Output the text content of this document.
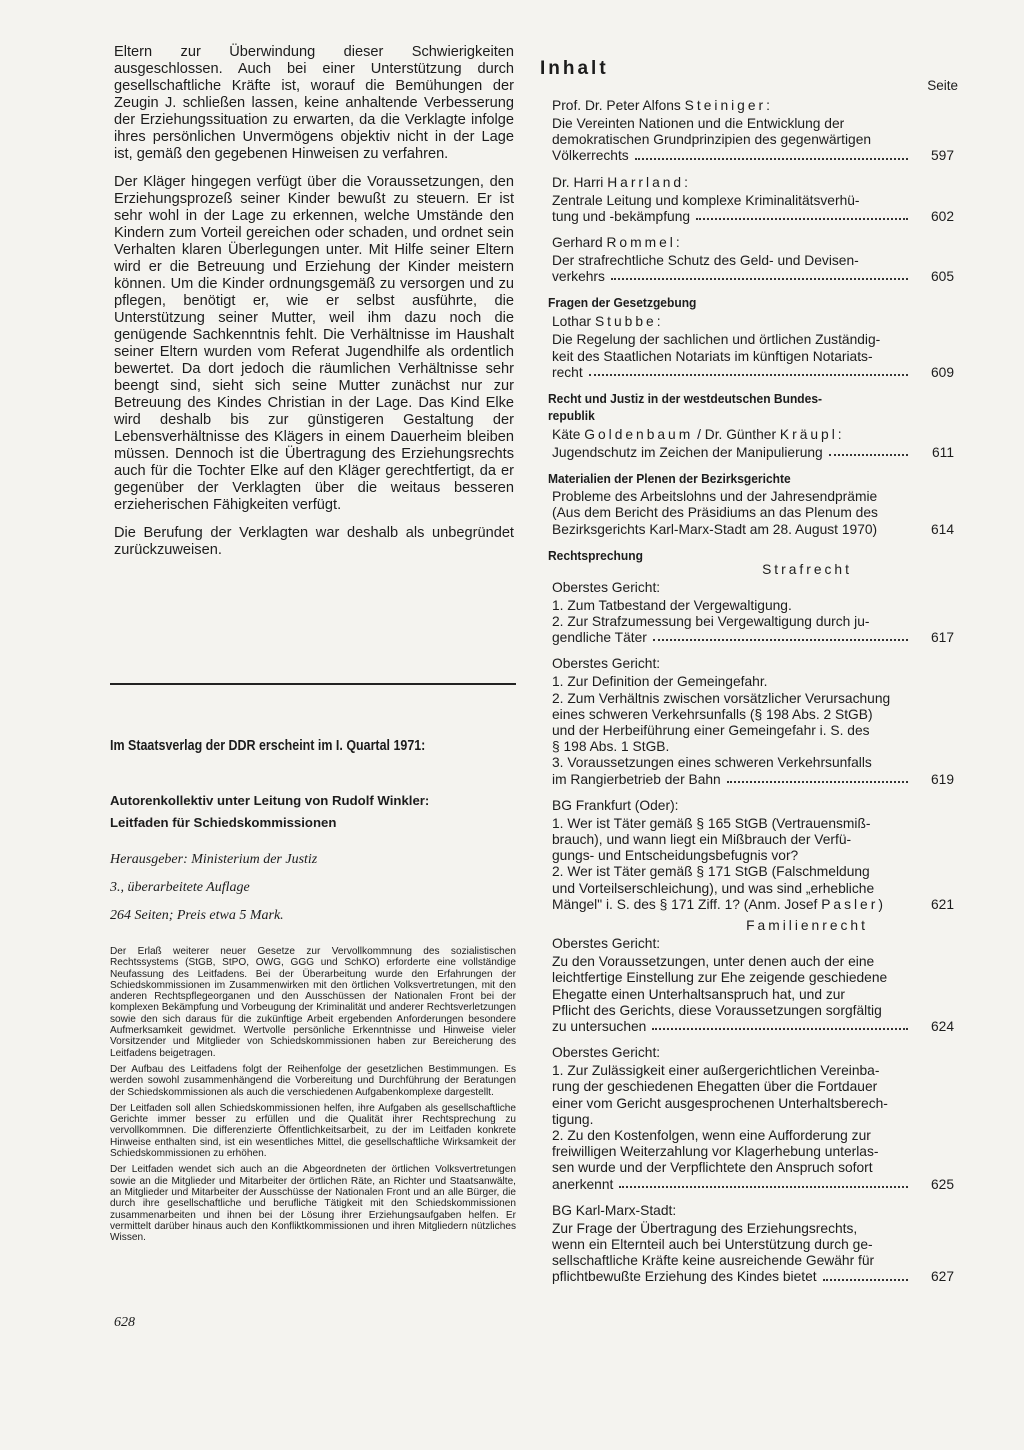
Eltern zur Überwindung dieser Schwierigkeiten ausgeschlossen. Auch bei einer Unterstützung durch gesellschaftliche Kräfte ist, worauf die Bemühungen der Zeugin J. schließen lassen, keine anhaltende Verbesserung der Erziehungssituation zu erwarten, da die Verklagte infolge ihres persönlichen Unvermögens objektiv nicht in der Lage ist, gemäß den gegebenen Hinweisen zu verfahren.

Der Kläger hingegen verfügt über die Voraussetzungen, den Erziehungsprozeß seiner Kinder bewußt zu steuern. Er ist sehr wohl in der Lage zu erkennen, welche Umstände den Kindern zum Vorteil gereichen oder schaden, und ordnet sein Verhalten klaren Überlegungen unter. Mit Hilfe seiner Eltern wird er die Betreuung und Erziehung der Kinder meistern können. Um die Kinder ordnungsgemäß zu versorgen und zu pflegen, benötigt er, wie er selbst ausführte, die Unterstützung seiner Mutter, weil ihm dazu noch die genügende Sachkenntnis fehlt. Die Verhältnisse im Haushalt seiner Eltern wurden vom Referat Jugendhilfe als ordentlich bewertet. Da dort jedoch die räumlichen Verhältnisse sehr beengt sind, sieht sich seine Mutter zunächst nur zur Betreuung des Kindes Christian in der Lage. Das Kind Elke wird deshalb bis zur günstigeren Gestaltung der Lebensverhältnisse des Klägers in einem Dauerheim bleiben müssen. Dennoch ist die Übertragung des Erziehungsrechts auch für die Tochter Elke auf den Kläger gerechtfertigt, da er gegenüber der Verklagten über die weitaus besseren erzieherischen Fähigkeiten verfügt.

Die Berufung der Verklagten war deshalb als unbegründet zurückzuweisen.

Im Staatsverlag der DDR erscheint im I. Quartal 1971:
Autorenkollektiv unter Leitung von Rudolf Winkler:
Leitfaden für Schiedskommissionen
Herausgeber: Ministerium der Justiz
3., überarbeitete Auflage
264 Seiten; Preis etwa 5 Mark.

Der Erlaß weiterer neuer Gesetze zur Vervollkommnung des sozialistischen Rechtssystems (StGB, StPO, OWG, GGG und SchKO) erforderte eine vollständige Neufassung des Leitfadens. Bei der Überarbeitung wurde den Erfahrungen der Schiedskommissionen im Zusammenwirken mit den örtlichen Volksvertretungen, mit den anderen Rechtspflegeorganen und den Ausschüssen der Nationalen Front bei der komplexen Bekämpfung und Vorbeugung der Kriminalität und anderer Rechtsverletzungen sowie den sich daraus für die zukünftige Arbeit ergebenden Anforderungen besondere Aufmerksamkeit gewidmet. Wertvolle persönliche Erkenntnisse und Hinweise vieler Vorsitzender und Mitglieder von Schiedskommissionen haben zur Bereicherung des Leitfadens beigetragen.

Der Aufbau des Leitfadens folgt der Reihenfolge der gesetzlichen Bestimmungen. Es werden sowohl zusammenhängend die Vorbereitung und Durchführung der Beratungen der Schiedskommissionen als auch die verschiedenen Aufgabenkomplexe dargestellt.

Der Leitfaden soll allen Schiedskommissionen helfen, ihre Aufgaben als gesellschaftliche Gerichte immer besser zu erfüllen und die Qualität ihrer Rechtsprechung zu vervollkommnen. Die differenzierte Öffentlichkeitsarbeit, zu der im Leitfaden konkrete Hinweise enthalten sind, ist ein wesentliches Mittel, die gesellschaftliche Wirksamkeit der Schiedskommissionen zu erhöhen.

Der Leitfaden wendet sich auch an die Abgeordneten der örtlichen Volksvertretungen sowie an die Mitglieder und Mitarbeiter der örtlichen Räte, an Richter und Staatsanwälte, an Mitglieder und Mitarbeiter der Ausschüsse der Nationalen Front und an alle Bürger, die durch ihre gesellschaftliche und berufliche Tätigkeit mit den Schiedskommissionen zusammenarbeiten und ihnen bei der Lösung ihrer Erziehungsaufgaben helfen. Er vermittelt darüber hinaus auch den Konfliktkommissionen und ihren Mitgliedern nützliches Wissen.

628
Inhalt
Seite
Prof. Dr. Peter Alfons Steiniger:
Die Vereinten Nationen und die Entwicklung der
demokratischen Grundprinzipien des gegenwärtigen
Völkerrechts	597
Dr. Harri Harrland:
Zentrale Leitung und komplexe Kriminalitätsverhü-
tung und -bekämpfung	602
Gerhard Rommel:
Der strafrechtliche Schutz des Geld- und Devisen-
verkehrs	605
Fragen der Gesetzgebung
Lothar Stubbe:
Die Regelung der sachlichen und örtlichen Zuständig-
keit des Staatlichen Notariats im künftigen Notariats-
recht	609
Recht und Justiz in der westdeutschen Bundes-
republik
Käte Goldenbaum / Dr. Günther Kräupl:
Jugendschutz im Zeichen der Manipulierung	611
Materialien der Plenen der Bezirksgerichte
Probleme des Arbeitslohns und der Jahresendprämie
(Aus dem Bericht des Präsidiums an das Plenum des
Bezirksgerichts Karl-Marx-Stadt am 28. August 1970)	614
Rechtsprechung
Strafrecht
Oberstes Gericht:
1. Zum Tatbestand der Vergewaltigung.
2. Zur Strafzumessung bei Vergewaltigung durch ju-
gendliche Täter	617
Oberstes Gericht:
1. Zur Definition der Gemeingefahr.
2. Zum Verhältnis zwischen vorsätzlicher Verursachung
eines schweren Verkehrsunfalls (§ 198 Abs. 2 StGB)
und der Herbeiführung einer Gemeingefahr i. S. des
§ 198 Abs. 1 StGB.
3. Voraussetzungen eines schweren Verkehrsunfalls
im Rangierbetrieb der Bahn	619
BG Frankfurt (Oder):
1. Wer ist Täter gemäß § 165 StGB (Vertrauensmiß-
brauch), und wann liegt ein Mißbrauch der Verfü-
gungs- und Entscheidungsbefugnis vor?
2. Wer ist Täter gemäß § 171 StGB (Falschmeldung
und Vorteilserschleichung), und was sind „erhebliche
Mängel" i. S. des § 171 Ziff. 1? (Anm. Josef Pasler)	621
Familienrecht
Oberstes Gericht:
Zu den Voraussetzungen, unter denen auch der eine
leichtfertige Einstellung zur Ehe zeigende geschiedene
Ehegatte einen Unterhaltsanspruch hat, und zur
Pflicht des Gerichts, diese Voraussetzungen sorgfältig
zu untersuchen	624
Oberstes Gericht:
1. Zur Zulässigkeit einer außergerichtlichen Vereinba-
rung der geschiedenen Ehegatten über die Fortdauer
einer vom Gericht ausgesprochenen Unterhaltsberech-
tigung.
2. Zu den Kostenfolgen, wenn eine Aufforderung zur
freiwilligen Weiterzahlung vor Klagerhebung unterlas-
sen wurde und der Verpflichtete den Anspruch sofort
anerkennt	625
BG Karl-Marx-Stadt:
Zur Frage der Übertragung des Erziehungsrechts,
wenn ein Elternteil auch bei Unterstützung durch ge-
sellschaftliche Kräfte keine ausreichende Gewähr für
pflichtbewußte Erziehung des Kindes bietet	627
